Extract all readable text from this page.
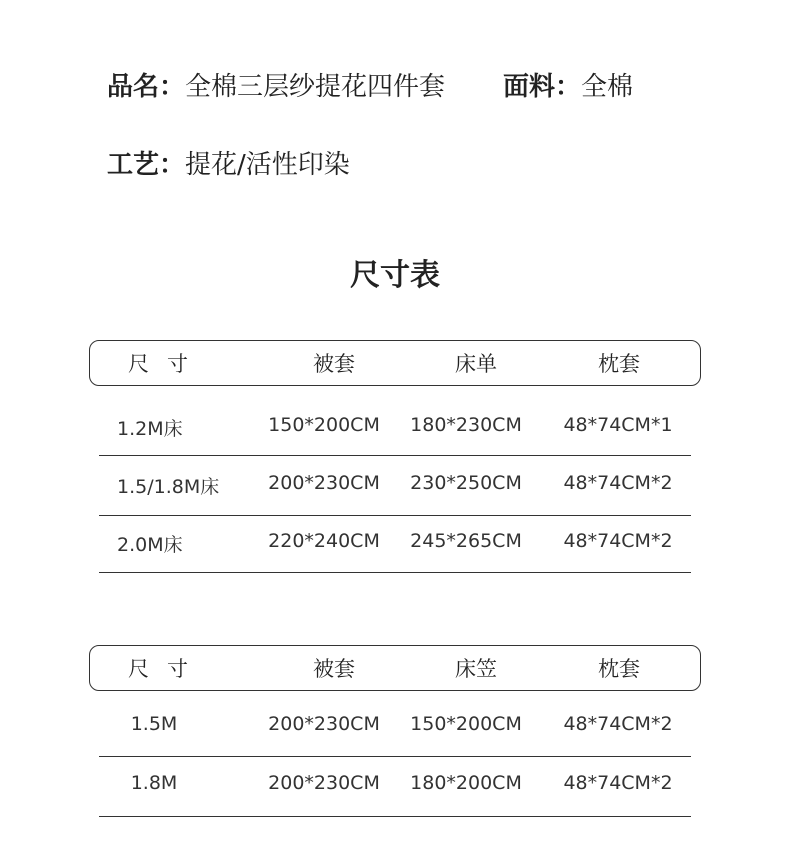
品名：全棉三层纱提花四件套 面料：全棉
工艺：提花/活性印染
尺寸表
尺寸	被套	床单	枕套
1.2M床	150*200CM	180*230CM	48*74CM*1
1.5/1.8M床	200*230CM	230*250CM	48*74CM*2
2.0M床	220*240CM	245*265CM	48*74CM*2
尺寸	被套	床笠	枕套
1.5M	200*230CM	150*200CM	48*74CM*2
1.8M	200*230CM	180*200CM	48*74CM*2
